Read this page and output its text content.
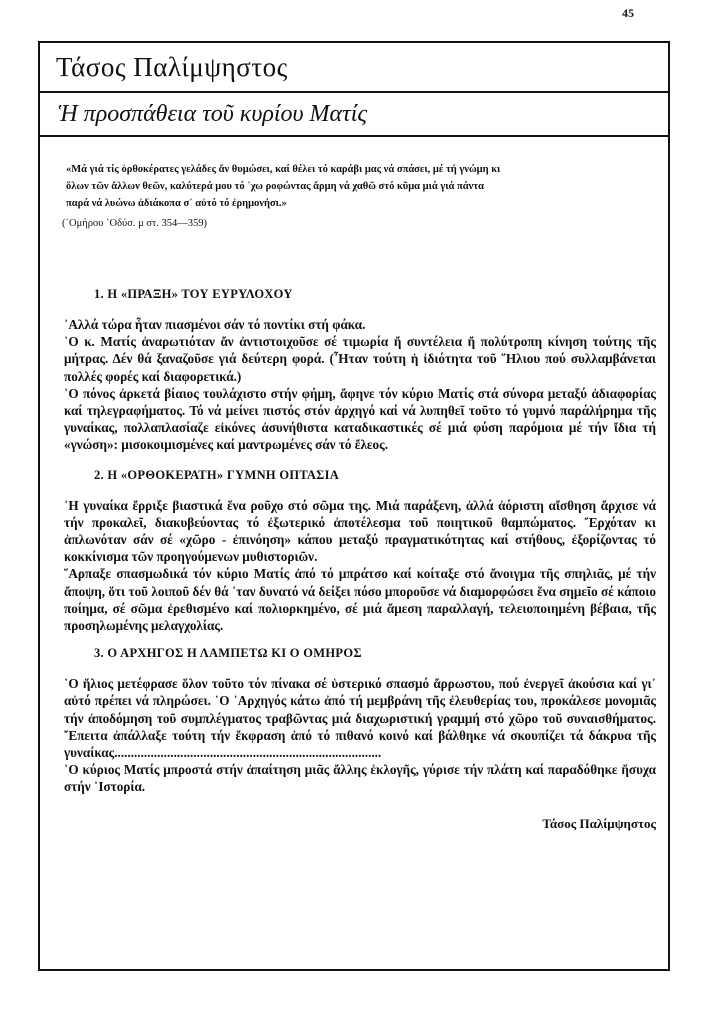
45
Τάσος Παλίμψηστος
Ἡ προσπάθεια τοῦ κυρίου Ματίς
«Μά γιά τίς ὀρθοκέρατες γελάδες ἄν θυμώσει, καί θέλει τό καράβι μας νά σπάσει, μέ τή γνώμη κι ὅλων τῶν ἄλλων θεῶν, καλύτερά μου τό ᾿χω ροφώντας ἄρμη νά χαθῶ στό κῦμα μιά γιά πάντα παρά νά λυώνω ἀδιάκοπα σ᾿ αὐτό τό ἐρημονήσι.»
(῾Ομήρου ᾿Οδύσ. μ στ. 354—359)
1. Η «ΠΡΑΞΗ» ΤΟΥ ΕΥΡΥΛΟΧΟΥ

᾿Αλλά τώρα ἦταν πιασμένοι σάν τό ποντίκι στή φάκα.

῾Ο κ. Ματίς ἀναρωτιόταν ἄν ἀντιστοιχοῦσε σέ τιμωρία ἤ συντέλεια ἤ πολύτροπη κίνηση τούτης τῆς μήτρας. Δέν θά ξαναζοῦσε γιά δεύτερη φορά. (῏Ηταν τούτη ἡ ἰδιότητα τοῦ ῞Ηλιου πού συλλαμβάνεται πολλές φορές καί διαφορετικά.)

῾Ο πόνος ἀρκετά βίαιος τουλάχιστο στήν φήμη, ἄφηνε τόν κύριο Ματίς στά σύνορα μεταξύ ἀδιαφορίας καί τηλεγραφήματος. Τό νά μείνει πιστός στόν ἀρχηγό καί νά λυπηθεῖ τοῦτο τό γυμνό παράλήρημα τῆς γυναίκας, πολλαπλασίαζε εἰκόνες ἀσυνήθιστα καταδικαστικές σέ μιά φύση παρόμοια μέ τήν ἴδια τή «γνώση»: μισοκοιμισμένες καί μαντρωμένες σάν τό ἔλεος.

2. Η «ΟΡΘΟΚΕΡΑΤΗ» ΓΥΜΝΗ ΟΠΤΑΣΙΑ

῾Η γυναίκα ἔρριξε βιαστικά ἕνα ροῦχο στό σῶμα της. Μιά παράξενη, ἀλλά ἀόριστη αἴσθηση ἄρχισε νά τήν προκαλεῖ, διακυβεύοντας τό ἐξωτερικό ἀποτέλεσμα τοῦ ποιητικοῦ θαμπώματος. ῎Ερχόταν κι ἁπλωνόταν σάν σέ «χῶρο - ἐπινόηση» κάπου μεταξύ πραγματικότητας καί στήθους, ἐξορίζοντας τό κοκκίνισμα τῶν προηγούμενων μυθιστοριῶν.

῞Αρπαξε σπασμωδικά τόν κύριο Ματίς ἀπό τό μπράτσο καί κοίταξε στό ἄνοιγμα τῆς σπηλιᾶς, μέ τήν ἄποψη, ὅτι τοῦ λοιποῦ δέν θά ᾿ταν δυνατό νά δείξει πόσο μποροῦσε νά διαμορφώσει ἕνα σημεῖο σέ κάποιο ποίημα, σέ σῶμα ἐρεθισμένο καί πολιορκημένο, σέ μιά ἄμεση παραλλαγή, τελειοποιημένη βέβαια, τῆς προσηλωμένης μελαγχολίας.

3. Ο ΑΡΧΗΓΟΣ Η ΛΑΜΠΕΤΩ ΚΙ Ο ΟΜΗΡΟΣ

῾Ο ἥλιος μετέφρασε ὅλον τοῦτο τόν πίνακα σέ ὑστερικό σπασμό ἄρρωστου, πού ἐνεργεῖ ἀκούσια καί γι᾿ αὐτό πρέπει νά πληρώσει. ῾Ο ᾿Αρχηγός κάτω ἀπό τή μεμβράνη τῆς ἐλευθερίας του, προκάλεσε μονομιᾶς τήν ἀποδόμηση τοῦ συμπλέγματος τραβῶντας μιά διαχωριστική γραμμή στό χῶρο τοῦ συναισθήματος. ῎Επειτα ἀπάλλαξε τούτη τήν ἔκφραση ἀπό τό πιθανό κοινό καί βάλθηκε νά σκουπίζει τά δάκρυα τῆς γυναίκας.................................................................................

῾Ο κύριος Ματίς μπροστά στήν ἀπαίτηση μιᾶς ἄλλης ἐκλογῆς, γύρισε τήν πλάτη καί παραδόθηκε ἥσυχα στήν ῾Ιστορία.

Τάσος Παλίμψηστος
